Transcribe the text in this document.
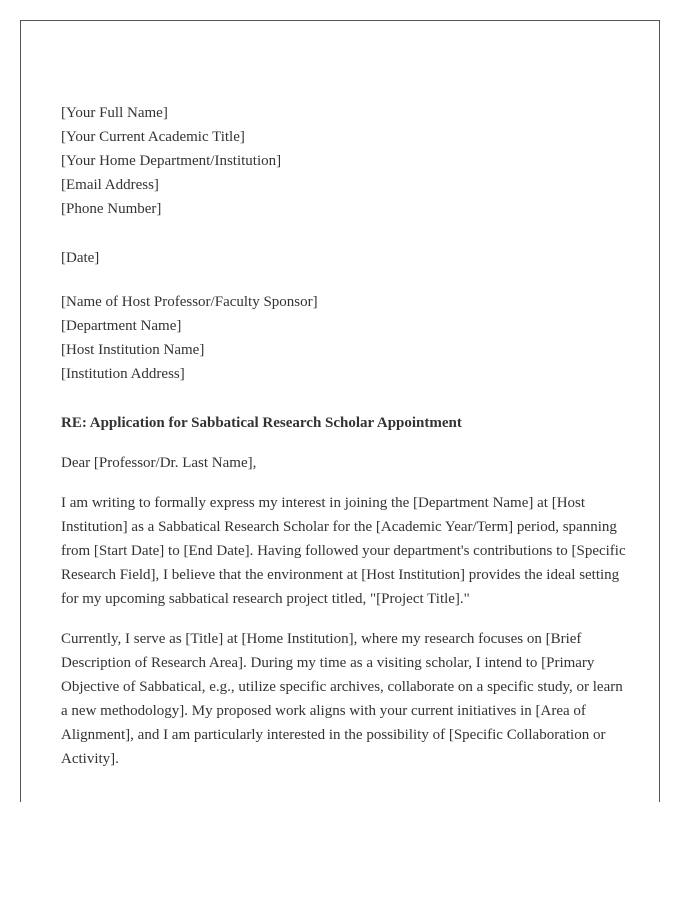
[Your Full Name]
[Your Current Academic Title]
[Your Home Department/Institution]
[Email Address]
[Phone Number]
[Date]
[Name of Host Professor/Faculty Sponsor]
[Department Name]
[Host Institution Name]
[Institution Address]

RE: Application for Sabbatical Research Scholar Appointment

Dear [Professor/Dr. Last Name],

I am writing to formally express my interest in joining the [Department Name] at [Host Institution] as a Sabbatical Research Scholar for the [Academic Year/Term] period, spanning from [Start Date] to [End Date]. Having followed your department's contributions to [Specific Research Field], I believe that the environment at [Host Institution] provides the ideal setting for my upcoming sabbatical research project titled, "[Project Title]."

Currently, I serve as [Title] at [Home Institution], where my research focuses on [Brief Description of Research Area]. During my time as a visiting scholar, I intend to [Primary Objective of Sabbatical, e.g., utilize specific archives, collaborate on a specific study, or learn a new methodology]. My proposed work aligns with your current initiatives in [Area of Alignment], and I am particularly interested in the possibility of [Specific Collaboration or Activity].
